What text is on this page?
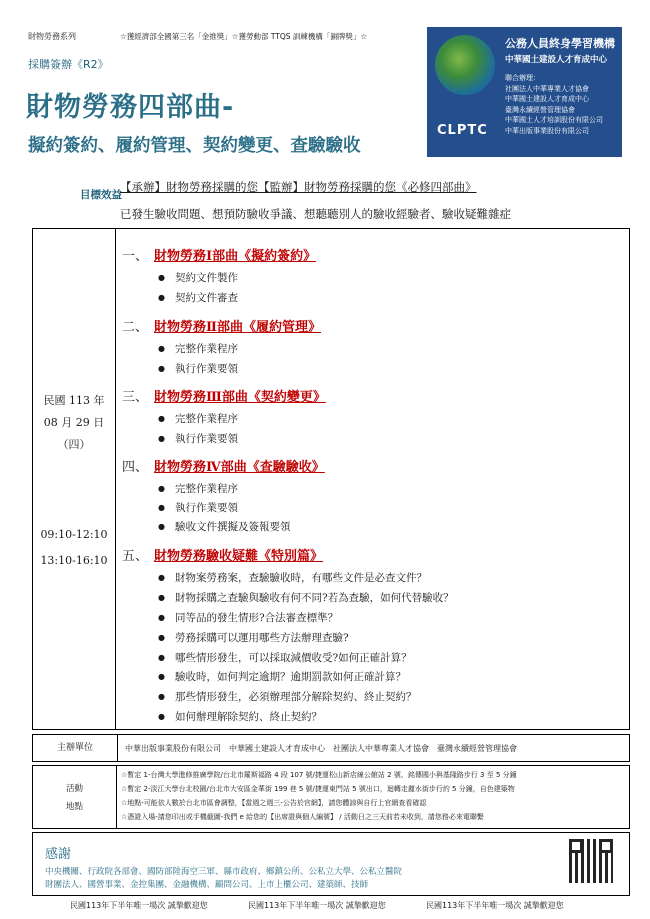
財物勞務系列	☆獲經濟部全國第三名「金推獎」☆獲勞動部 TTQS 訓練機構「銅牌獎」☆
採購簽辦《R2》
財物勞務四部曲-
擬約簽約、履約管理、契約變更、查驗驗收
CLPTC
公務人員終身學習機構
中華國土建設人才育成中心
聯合辦理：
社團法人中華專業人才協會
中華國土建設人才育成中心
臺灣永續經營管理協會
中華國土人才培訓股份有限公司
中華出版事業股份有限公司
目標效益
【承辦】財物勞務採購的您【監辦】財物勞務採購的您《必修四部曲》
已發生驗收問題、想預防驗收爭議、想聽聽別人的驗收經驗者、驗收疑難雜症
民國 113 年
08 月 29 日
（四）
09:10-12:10
13:10-16:10
一、 財物勞務Ⅰ部曲《擬約簽約》
● 契約文件製作
● 契約文件審查
二、 財物勞務Ⅱ部曲《履約管理》
● 完整作業程序
● 執行作業要領
三、 財物勞務Ⅲ部曲《契約變更》
● 完整作業程序
● 執行作業要領
四、 財物勞務Ⅳ部曲《查驗驗收》
● 完整作業程序
● 執行作業要領
● 驗收文件撰擬及簽報要領
五、 財物勞務驗收疑難《特別篇》
● 財物案勞務案，查驗驗收時，有哪些文件是必查文件？
● 財物採購之查驗與驗收有何不同?若為查驗，如何代替驗收？
● 同等品的發生情形?合法審查標準？
● 勞務採購可以運用哪些方法辦理查驗?
● 哪些情形發生，可以採取減價收受?如何正確計算？
● 驗收時，如何判定逾期？逾期罰款如何正確計算？
● 那些情形發生，必須辦理部分解除契約、終止契約？
● 如何辦理解除契約、終止契約？
主辦單位	中華出版事業股份有限公司　中華國土建設人才育成中心　社團法人中華專業人才協會　臺灣永續經營管理協會
活動
地點
☆暫定 1-台灣大學進修推廣學院/台北市羅斯福路 4 段 107 號/捷運松山新店線公館站 2 號、銘傳國小與基隆路步行 3 至 5 分鐘
☆暫定 2-淡江大學台北校園/台北市大安區金華街 199 巷 5 號/捷運東門站 5 號出口，迴轉走麗水街步行約 5 分鐘，自色建築物
☆地點-可能依人數於台北市區會調整，【當週之週三-公告於官網】，請您體諒與自行上官網查看確認
☆憑證入場-請您印出或手機截圖-我們 e 給您的【出席證與個人編號】 / 活動日之三天前若未收到，請您務必來電聯繫
感謝
中央機關、行政院各部會、國防部陸海空三軍、縣市政府、鄉鎮公所、公私立大學、公私立醫院
財團法人、國營事業、金控集團、金融機構、顧問公司、上市上櫃公司、建築師、技師
民國113年下半年唯一場次 誠摯歡迎您	民國113年下半年唯一場次 誠摯歡迎您	民國113年下半年唯一場次 誠摯歡迎您
